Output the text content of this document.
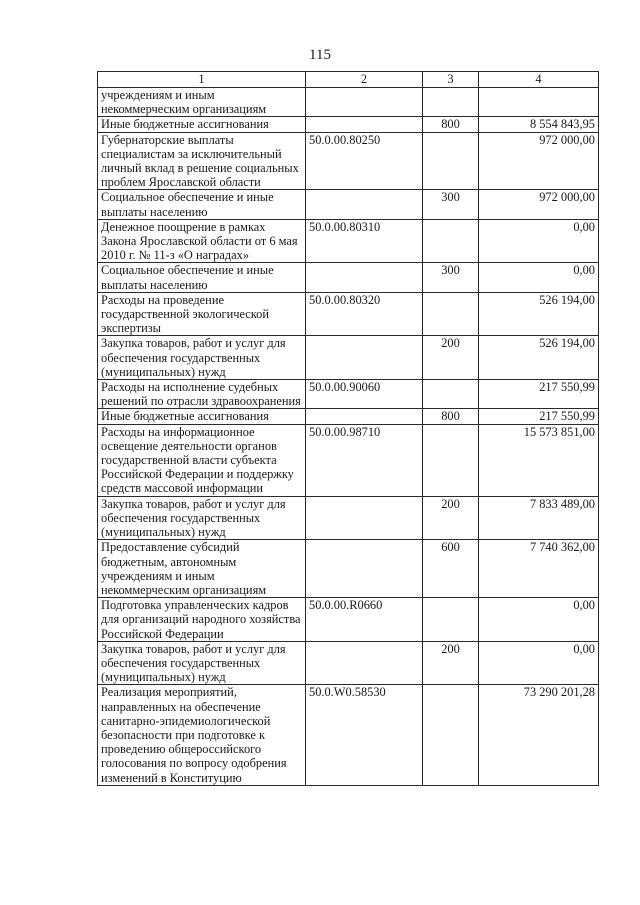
115
1	2	3	4
учреждениям и иным некоммерческим организациям			
Иные бюджетные ассигнования		800	8 554 843,95
Губернаторские выплаты специалистам за исключительный личный вклад в решение социальных проблем Ярославской области	50.0.00.80250		972 000,00
Социальное обеспечение и иные выплаты населению		300	972 000,00
Денежное поощрение в рамках Закона Ярославской области от 6 мая 2010 г. № 11-з «О наградах»	50.0.00.80310		0,00
Социальное обеспечение и иные выплаты населению		300	0,00
Расходы на проведение государственной экологической экспертизы	50.0.00.80320		526 194,00
Закупка товаров, работ и услуг для обеспечения государственных (муниципальных) нужд		200	526 194,00
Расходы на исполнение судебных решений по отрасли здравоохранения	50.0.00.90060		217 550,99
Иные бюджетные ассигнования		800	217 550,99
Расходы на информационное освещение деятельности органов государственной власти субъекта Российской Федерации и поддержку средств массовой информации	50.0.00.98710		15 573 851,00
Закупка товаров, работ и услуг для обеспечения государственных (муниципальных) нужд		200	7 833 489,00
Предоставление субсидий бюджетным, автономным учреждениям и иным некоммерческим организациям		600	7 740 362,00
Подготовка управленческих кадров для организаций народного хозяйства Российской Федерации	50.0.00.R0660		0,00
Закупка товаров, работ и услуг для обеспечения государственных (муниципальных) нужд		200	0,00
Реализация мероприятий, направленных на обеспечение санитарно-эпидемиологической безопасности при подготовке к проведению общероссийского голосования по вопросу одобрения изменений в Конституцию	50.0.W0.58530		73 290 201,28
